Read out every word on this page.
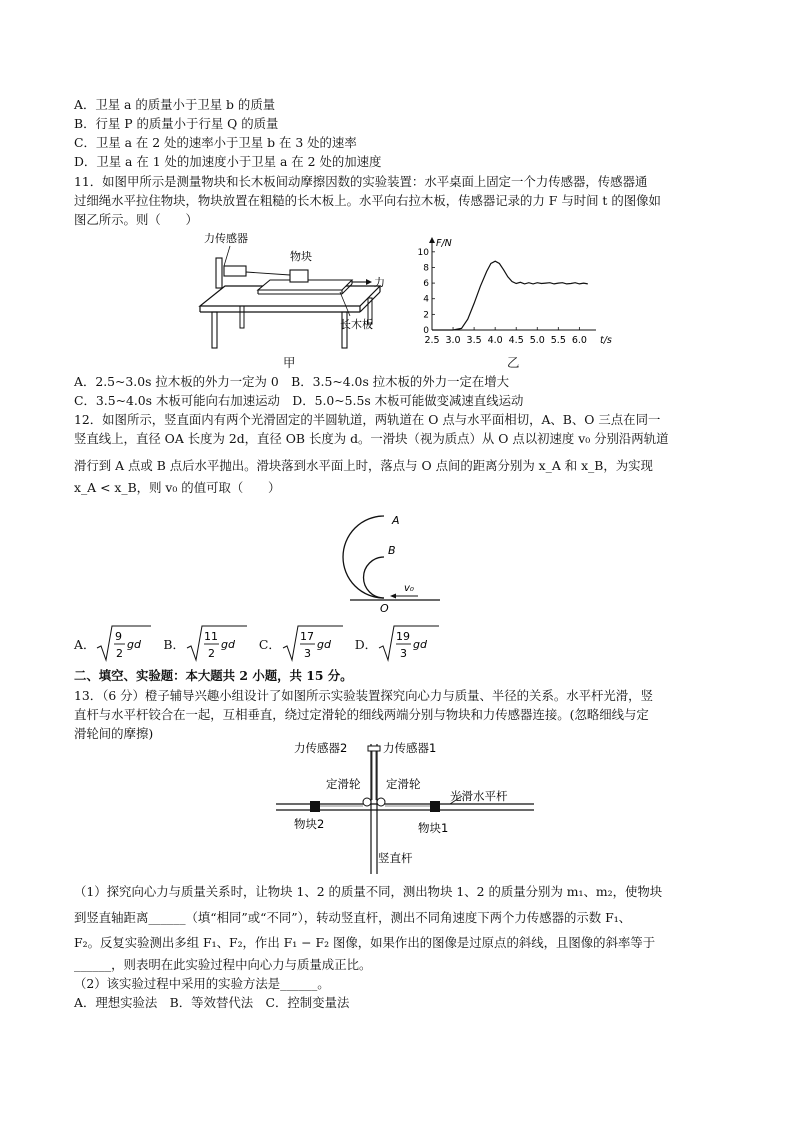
A．卫星 a 的质量小于卫星 b 的质量
B．行星 P 的质量小于行星 Q 的质量
C．卫星 a 在 2 处的速率小于卫星 b 在 3 处的速率
D．卫星 a 在 1 处的加速度小于卫星 a 在 2 处的加速度
11．如图甲所示是测量物块和长木板间动摩擦因数的实验装置：水平桌面上固定一个力传感器，传感器通
过细绳水平拉住物块，物块放置在粗糙的长木板上。水平向右拉木板，传感器记录的力 F 与时间 t 的图像如
图乙所示。则（　　）
力传感器
物块
力
长木板
甲
0
2
4
6
8
10
2.5 3.0 3.5 4.0 4.5 5.0 5.5 6.0
F/N
t/s
乙
A．2.5~3.0s 拉木板的外力一定为 0　B．3.5~4.0s 拉木板的外力一定在增大
C．3.5~4.0s 木板可能向右加速运动　D．5.0~5.5s 木板可能做变减速直线运动
12．如图所示，竖直面内有两个光滑固定的半圆轨道，两轨道在 O 点与水平面相切，A、B、O 三点在同一
竖直线上，直径 OA 长度为 2d，直径 OB 长度为 d。一滑块（视为质点）从 O 点以初速度 v₀ 分别沿两轨道
滑行到 A 点或 B 点后水平抛出。滑块落到水平面上时，落点与 O 点间的距离分别为 x_A 和 x_B，为实现
x_A < x_B，则 v₀ 的值可取（　　）
A
B
O
v₀
A．
9
2
gd B．
11
2
gd C．
17
3
gd D．
19
3
gd
二、填空、实验题：本大题共 2 小题，共 15 分。
13．（6 分）橙子辅导兴趣小组设计了如图所示实验装置探究向心力与质量、半径的关系。水平杆光滑，竖
直杆与水平杆铰合在一起，互相垂直，绕过定滑轮的细线两端分别与物块和力传感器连接。(忽略细线与定
滑轮间的摩擦)
力传感器2	力传感器1
定滑轮 定滑轮
光滑水平杆
物块2	物块1
竖直杆
（1）探究向心力与质量关系时，让物块 1、2 的质量不同，测出物块 1、2 的质量分别为 m₁、m₂，使物块
到竖直轴距离______（填“相同”或“不同”），转动竖直杆，测出不同角速度下两个力传感器的示数 F₁、
F₂。反复实验测出多组 F₁、F₂，作出 F₁ − F₂ 图像，如果作出的图像是过原点的斜线，且图像的斜率等于
______，则表明在此实验过程中向心力与质量成正比。
（2）该实验过程中采用的实验方法是______。
A．理想实验法　B．等效替代法　C．控制变量法
